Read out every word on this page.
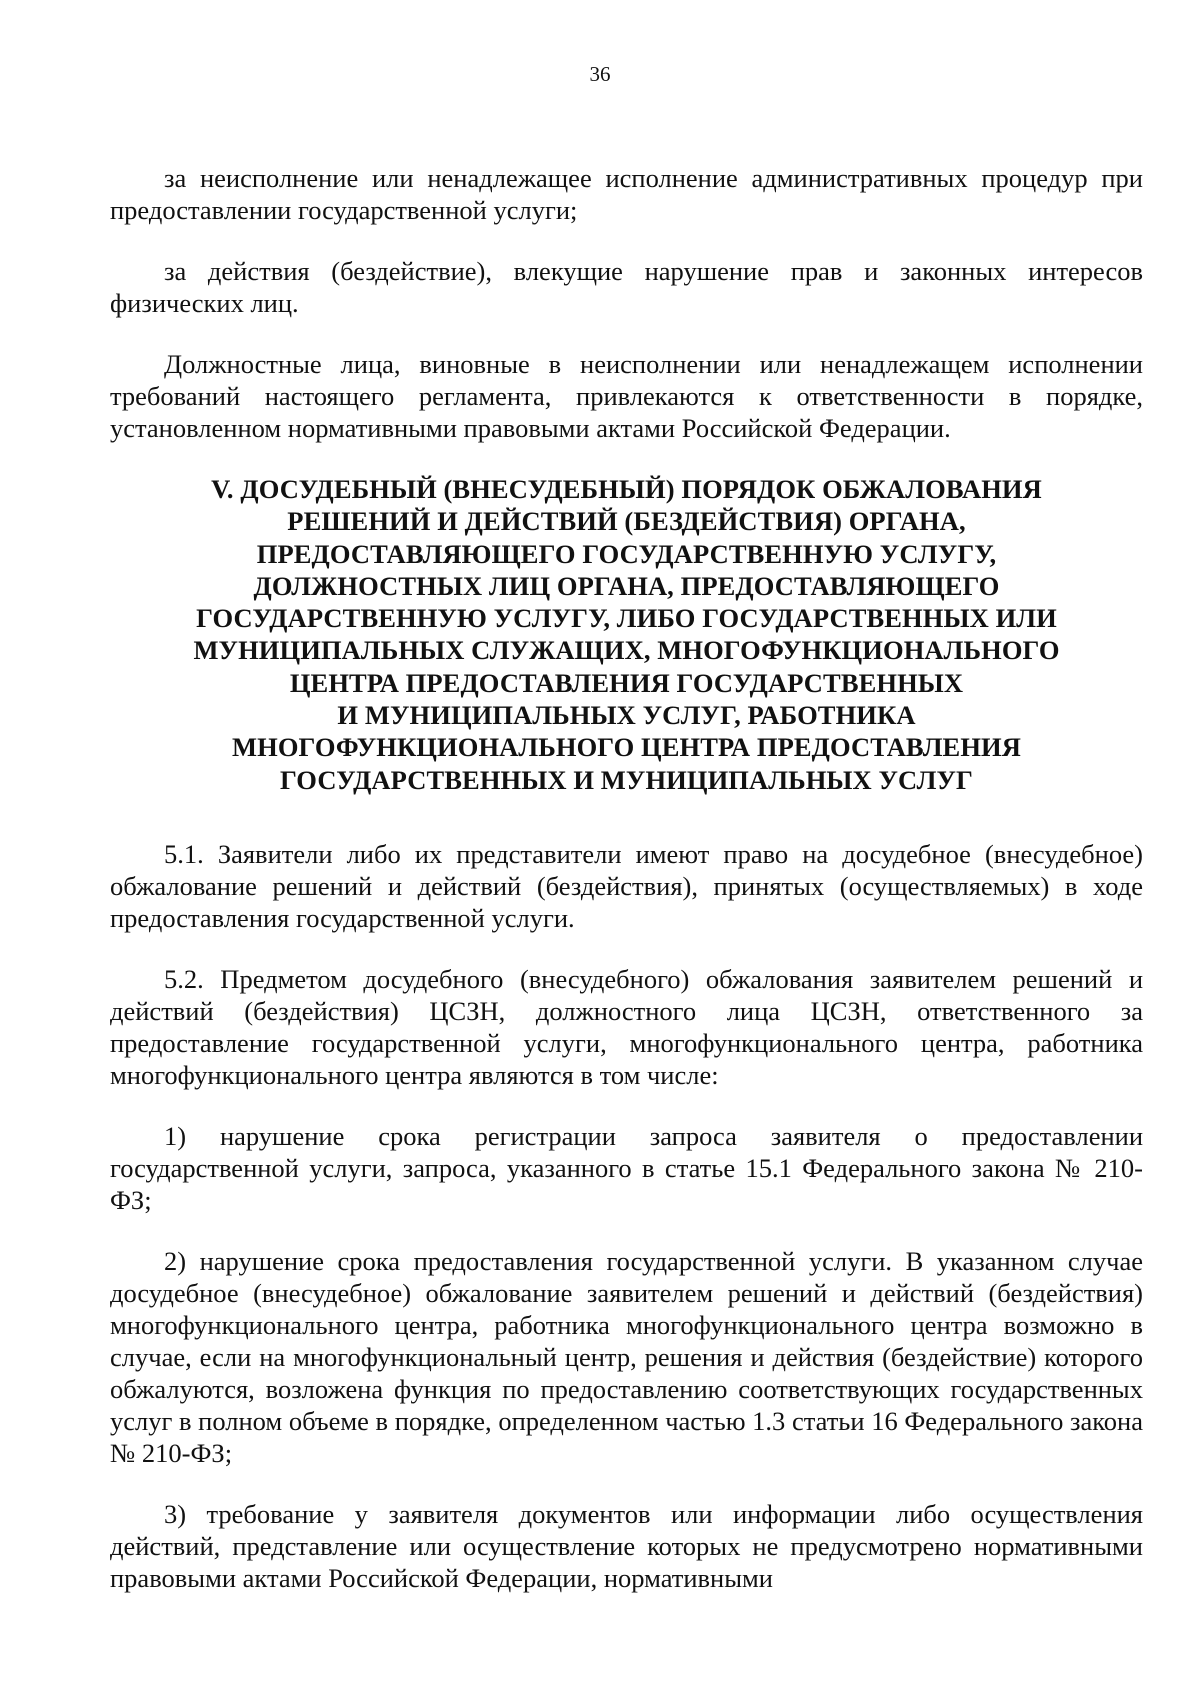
36

за неисполнение или ненадлежащее исполнение административных процедур при предоставлении государственной услуги;

за действия (бездействие), влекущие нарушение прав и законных интересов физических лиц.

Должностные лица, виновные в неисполнении или ненадлежащем исполнении требований настоящего регламента, привлекаются к ответственности в порядке, установленном нормативными правовыми актами Российской Федерации.

V. ДОСУДЕБНЫЙ (ВНЕСУДЕБНЫЙ) ПОРЯДОК ОБЖАЛОВАНИЯ
РЕШЕНИЙ И ДЕЙСТВИЙ (БЕЗДЕЙСТВИЯ) ОРГАНА,
ПРЕДОСТАВЛЯЮЩЕГО ГОСУДАРСТВЕННУЮ УСЛУГУ,
ДОЛЖНОСТНЫХ ЛИЦ ОРГАНА, ПРЕДОСТАВЛЯЮЩЕГО
ГОСУДАРСТВЕННУЮ УСЛУГУ, ЛИБО ГОСУДАРСТВЕННЫХ ИЛИ
МУНИЦИПАЛЬНЫХ СЛУЖАЩИХ, МНОГОФУНКЦИОНАЛЬНОГО
ЦЕНТРА ПРЕДОСТАВЛЕНИЯ ГОСУДАРСТВЕННЫХ
И МУНИЦИПАЛЬНЫХ УСЛУГ, РАБОТНИКА
МНОГОФУНКЦИОНАЛЬНОГО ЦЕНТРА ПРЕДОСТАВЛЕНИЯ
ГОСУДАРСТВЕННЫХ И МУНИЦИПАЛЬНЫХ УСЛУГ

5.1. Заявители либо их представители имеют право на досудебное (внесудебное) обжалование решений и действий (бездействия), принятых (осуществляемых) в ходе предоставления государственной услуги.

5.2. Предметом досудебного (внесудебного) обжалования заявителем решений и действий (бездействия) ЦСЗН, должностного лица ЦСЗН, ответственного за предоставление государственной услуги, многофункционального центра, работника многофункционального центра являются в том числе:

1) нарушение срока регистрации запроса заявителя о предоставлении государственной услуги, запроса, указанного в статье 15.1 Федерального закона № 210-ФЗ;

2) нарушение срока предоставления государственной услуги. В указанном случае досудебное (внесудебное) обжалование заявителем решений и действий (бездействия) многофункционального центра, работника многофункционального центра возможно в случае, если на многофункциональный центр, решения и действия (бездействие) которого обжалуются, возложена функция по предоставлению соответствующих государственных услуг в полном объеме в порядке, определенном частью 1.3 статьи 16 Федерального закона № 210-ФЗ;

3) требование у заявителя документов или информации либо осуществления действий, представление или осуществление которых не предусмотрено нормативными правовыми актами Российской Федерации, нормативными
